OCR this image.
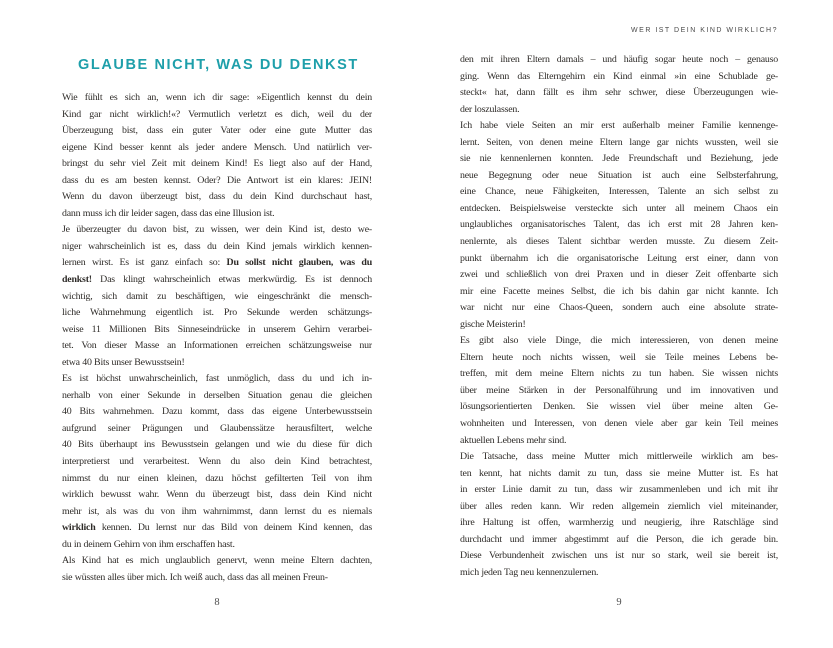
GLAUBE NICHT, WAS DU DENKST
Wie fühlt es sich an, wenn ich dir sage: »Eigentlich kennst du dein
Kind gar nicht wirklich!«? Vermutlich verletzt es dich, weil du der
Überzeugung bist, dass ein guter Vater oder eine gute Mutter das
eigene Kind besser kennt als jeder andere Mensch. Und natürlich ver-
bringst du sehr viel Zeit mit deinem Kind! Es liegt also auf der Hand,
dass du es am besten kennst. Oder? Die Antwort ist ein klares: JEIN!
Wenn du davon überzeugt bist, dass du dein Kind durchschaut hast,
dann muss ich dir leider sagen, dass das eine Illusion ist.
Je überzeugter du davon bist, zu wissen, wer dein Kind ist, desto we-
niger wahrscheinlich ist es, dass du dein Kind jemals wirklich kennen-
lernen wirst. Es ist ganz einfach so: Du sollst nicht glauben, was du
denkst! Das klingt wahrscheinlich etwas merkwürdig. Es ist dennoch
wichtig, sich damit zu beschäftigen, wie eingeschränkt die mensch-
liche Wahrnehmung eigentlich ist. Pro Sekunde werden schätzungs-
weise 11 Millionen Bits Sinneseindrücke in unserem Gehirn verarbei-
tet. Von dieser Masse an Informationen erreichen schätzungsweise nur
etwa 40 Bits unser Bewusstsein!
Es ist höchst unwahrscheinlich, fast unmöglich, dass du und ich in-
nerhalb von einer Sekunde in derselben Situation genau die gleichen
40 Bits wahrnehmen. Dazu kommt, dass das eigene Unterbewusstsein
aufgrund seiner Prägungen und Glaubenssätze herausfiltert, welche
40 Bits überhaupt ins Bewusstsein gelangen und wie du diese für dich
interpretierst und verarbeitest. Wenn du also dein Kind betrachtest,
nimmst du nur einen kleinen, dazu höchst gefilterten Teil von ihm
wirklich bewusst wahr. Wenn du überzeugt bist, dass dein Kind nicht
mehr ist, als was du von ihm wahrnimmst, dann lernst du es niemals
wirklich kennen. Du lernst nur das Bild von deinem Kind kennen, das
du in deinem Gehirn von ihm erschaffen hast.
Als Kind hat es mich unglaublich genervt, wenn meine Eltern dachten,
sie wüssten alles über mich. Ich weiß auch, dass das all meinen Freun-
WER IST DEIN KIND WIRKLICH?
den mit ihren Eltern damals – und häufig sogar heute noch – genauso
ging. Wenn das Elterngehirn ein Kind einmal »in eine Schublade ge-
steckt« hat, dann fällt es ihm sehr schwer, diese Überzeugungen wie-
der loszulassen.
Ich habe viele Seiten an mir erst außerhalb meiner Familie kennenge-
lernt. Seiten, von denen meine Eltern lange gar nichts wussten, weil sie
sie nie kennenlernen konnten. Jede Freundschaft und Beziehung, jede
neue Begegnung oder neue Situation ist auch eine Selbsterfahrung,
eine Chance, neue Fähigkeiten, Interessen, Talente an sich selbst zu
entdecken. Beispielsweise versteckte sich unter all meinem Chaos ein
unglaubliches organisatorisches Talent, das ich erst mit 28 Jahren ken-
nenlernte, als dieses Talent sichtbar werden musste. Zu diesem Zeit-
punkt übernahm ich die organisatorische Leitung erst einer, dann von
zwei und schließlich von drei Praxen und in dieser Zeit offenbarte sich
mir eine Facette meines Selbst, die ich bis dahin gar nicht kannte. Ich
war nicht nur eine Chaos-Queen, sondern auch eine absolute strate-
gische Meisterin!
Es gibt also viele Dinge, die mich interessieren, von denen meine
Eltern heute noch nichts wissen, weil sie Teile meines Lebens be-
treffen, mit dem meine Eltern nichts zu tun haben. Sie wissen nichts
über meine Stärken in der Personalführung und im innovativen und
lösungsorientierten Denken. Sie wissen viel über meine alten Ge-
wohnheiten und Interessen, von denen viele aber gar kein Teil meines
aktuellen Lebens mehr sind.
Die Tatsache, dass meine Mutter mich mittlerweile wirklich am bes-
ten kennt, hat nichts damit zu tun, dass sie meine Mutter ist. Es hat
in erster Linie damit zu tun, dass wir zusammenleben und ich mit ihr
über alles reden kann. Wir reden allgemein ziemlich viel miteinander,
ihre Haltung ist offen, warmherzig und neugierig, ihre Ratschläge sind
durchdacht und immer abgestimmt auf die Person, die ich gerade bin.
Diese Verbundenheit zwischen uns ist nur so stark, weil sie bereit ist,
mich jeden Tag neu kennenzulernen.
8	9
